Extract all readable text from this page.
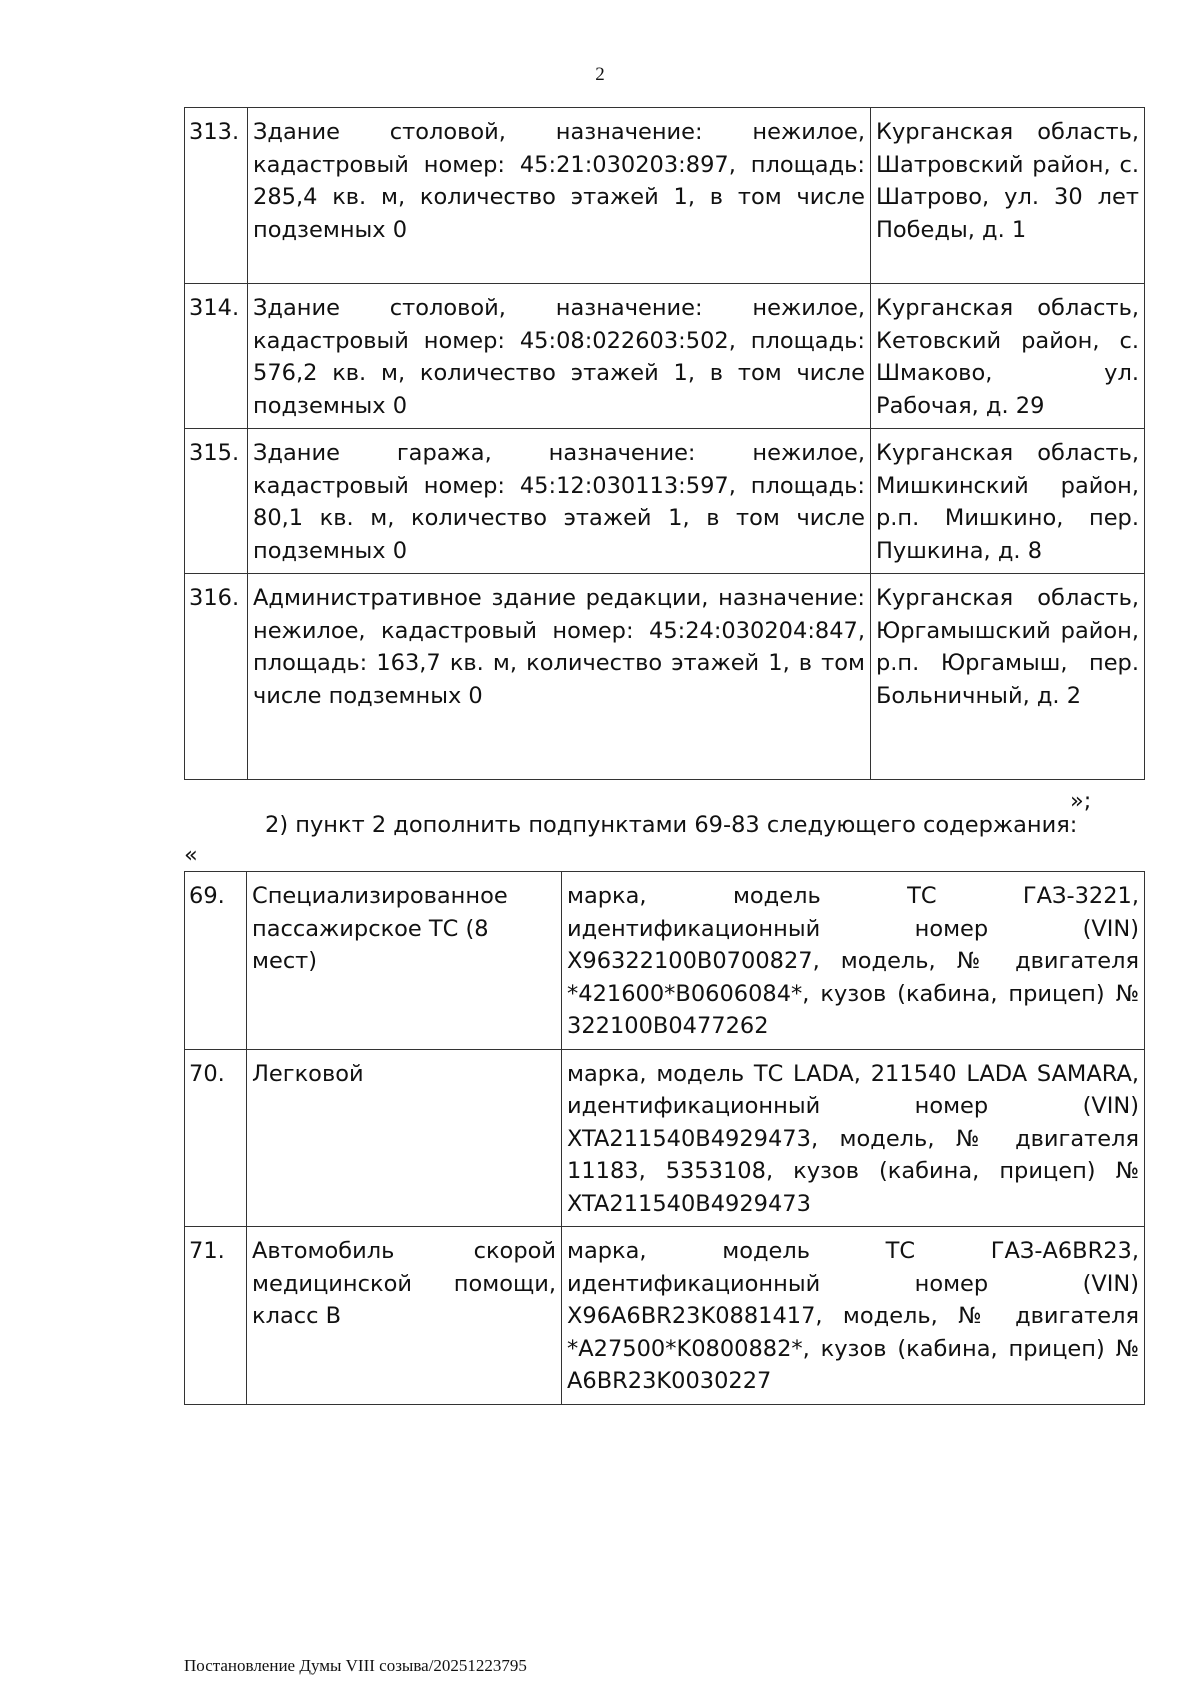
2
313.	Здание столовой, назначение: нежилое, кадастровый номер: 45:21:030203:897, площадь: 285,4 кв. м, количество этажей 1, в том числе подземных 0	Курганская область, Шатровский район, с. Шатрово, ул. 30 лет Победы, д. 1
314.	Здание столовой, назначение: нежилое, кадастровый номер: 45:08:022603:502, площадь: 576,2 кв. м, количество этажей 1, в том числе подземных 0	Курганская область, Кетовский район, с. Шмаково, ул. Рабочая, д. 29
315.	Здание гаража, назначение: нежилое, кадастровый номер: 45:12:030113:597, площадь: 80,1 кв. м, количество этажей 1, в том числе подземных 0	Курганская область, Мишкинский район, р.п. Мишкино, пер. Пушкина, д. 8
316.	Административное здание редакции, назначение: нежилое, кадастровый номер: 45:24:030204:847, площадь: 163,7 кв. м, количество этажей 1, в том числе подземных 0	Курганская область, Юргамышский район, р.п. Юргамыш, пер. Больничный, д. 2
»;
2) пункт 2 дополнить подпунктами 69-83 следующего содержания:
«
69.	Специализированное пассажирское ТС (8 мест)	марка, модель ТС ГАЗ-3221, идентификационный номер (VIN) X96322100B0700827, модель, № двигателя *421600*B0606084*, кузов (кабина, прицеп) № 322100B0477262
70.	Легковой	марка, модель ТС LADA, 211540 LADA SAMARA, идентификационный номер (VIN) XTA211540B4929473, модель, № двигателя 11183, 5353108, кузов (кабина, прицеп) № XTA211540B4929473
71.	Автомобиль скорой медицинской помощи, класс В	марка, модель ТС ГАЗ-A6BR23, идентификационный номер (VIN) X96A6BR23K0881417, модель, № двигателя *A27500*K0800882*, кузов (кабина, прицеп) № A6BR23K0030227
Постановление Думы VIII созыва/20251223795
